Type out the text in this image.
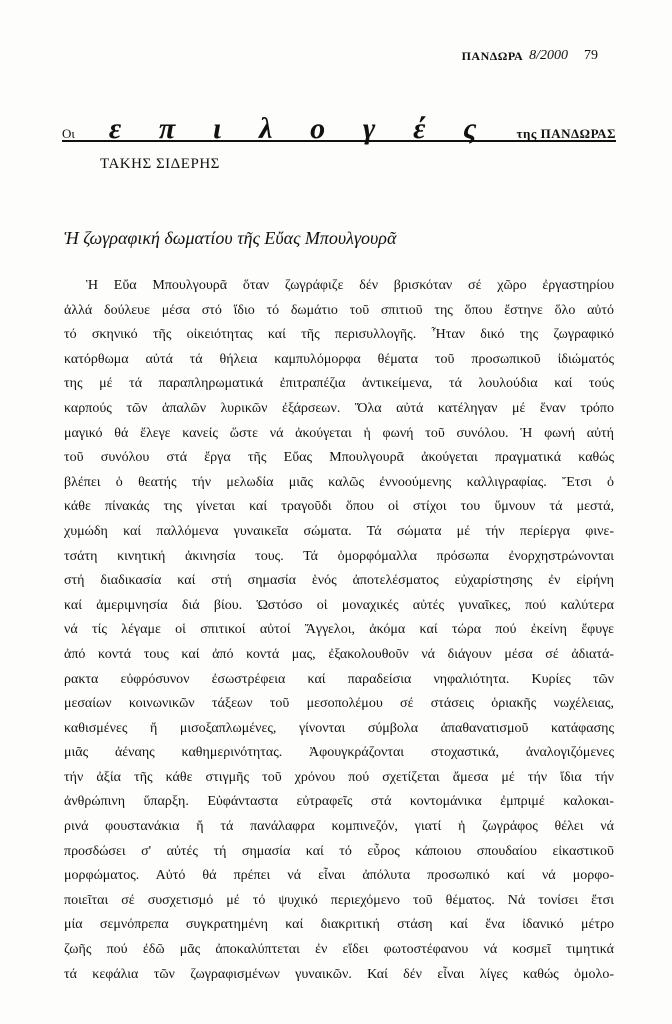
ΠΑΝΔΩΡΑ 8/2000 79
Οι ε π ι λ ο γ έ ς	της ΠΑΝΔΩΡΑΣ
ΤΑΚΗΣ ΣΙΔΕΡΗΣ
Ἡ ζωγραφική δωματίου τῆς Εὔας Μπουλγουρᾶ
Ἡ Εὔα Μπουλγουρᾶ ὅταν ζωγράφιζε δέν βρισκόταν σέ χῶρο ἐργαστηρίου
ἀλλά δούλευε μέσα στό ἴδιο τό δωμάτιο τοῦ σπιτιοῦ της ὅπου ἔστηνε ὅλο αὐτό
τό σκηνικό τῆς οἰκειότητας καί τῆς περισυλλογῆς. Ἦταν δικό της ζωγραφικό
κατόρθωμα αὐτά τά θήλεια καμπυλόμορφα θέματα τοῦ προσωπικοῦ ἰδιώματός
της μέ τά παραπληρωματικά ἐπιτραπέζια ἀντικείμενα, τά λουλούδια καί τούς
καρπούς τῶν ἁπαλῶν λυρικῶν ἐξάρσεων. Ὅλα αὐτά κατέληγαν μέ ἕναν τρόπο
μαγικό θά ἔλεγε κανείς ὥστε νά ἀκούγεται ἡ φωνή τοῦ συνόλου. Ἡ φωνή αὐτή
τοῦ συνόλου στά ἔργα τῆς Εὔας Μπουλγουρᾶ ἀκούγεται πραγματικά καθώς
βλέπει ὁ θεατής τήν μελωδία μιᾶς καλῶς ἐννοούμενης καλλιγραφίας. Ἔτσι ὁ
κάθε πίνακάς της γίνεται καί τραγοῦδι ὅπου οἱ στίχοι του ὕμνουν τά μεστά,
χυμώδη καί παλλόμενα γυναικεῖα σώματα. Τά σώματα μέ τήν περίεργα φινε-
τσάτη κινητική ἀκινησία τους. Τά ὁμορφόμαλλα πρόσωπα ἐνορχηστρώνονται
στή διαδικασία καί στή σημασία ἑνός ἀποτελέσματος εὐχαρίστησης ἐν εἰρήνη
καί ἀμεριμνησία διά βίου. Ὡστόσο οἱ μοναχικές αὐτές γυναῖκες, πού καλύτερα
νά τίς λέγαμε οἱ σπιτικοί αὐτοί Ἄγγελοι, ἀκόμα καί τώρα πού ἐκείνη ἔφυγε
ἀπό κοντά τους καί ἀπό κοντά μας, ἐξακολουθοῦν νά διάγουν μέσα σέ ἀδιατά-
ρακτα εὐφρόσυνον ἐσωστρέφεια καί παραδείσια νηφαλιότητα. Κυρίες τῶν
μεσαίων κοινωνικῶν τάξεων τοῦ μεσοπολέμου σέ στάσεις ὁριακῆς νωχέλειας,
καθισμένες ἤ μισοξαπλωμένες, γίνονται σύμβολα ἀπαθανατισμοῦ κατάφασης
μιᾶς ἀέναης καθημερινότητας. Ἀφουγκράζονται στοχαστικά, ἀναλογιζόμενες
τήν ἀξία τῆς κάθε στιγμῆς τοῦ χρόνου πού σχετίζεται ἄμεσα μέ τήν ἴδια τήν
ἀνθρώπινη ὕπαρξη. Εὐφάνταστα εὐτραφεῖς στά κοντομάνικα ἐμπριμέ καλοκαι-
ρινά φουστανάκια ἤ τά πανάλαφρα κομπινεζόν, γιατί ἡ ζωγράφος θέλει νά
προσδώσει σ' αὐτές τή σημασία καί τό εὖρος κάποιου σπουδαίου εἰκαστικοῦ
μορφώματος. Αὐτό θά πρέπει νά εἶναι ἀπόλυτα προσωπικό καί νά μορφο-
ποιεῖται σέ συσχετισμό μέ τό ψυχικό περιεχόμενο τοῦ θέματος. Νά τονίσει ἔτσι
μία σεμνόπρεπα συγκρατημένη καί διακριτική στάση καί ἕνα ἰδανικό μέτρο
ζωῆς πού ἐδῶ μᾶς ἀποκαλύπτεται ἐν εἴδει φωτοστέφανου νά κοσμεῖ τιμητικά
τά κεφάλια τῶν ζωγραφισμένων γυναικῶν. Καί δέν εἶναι λίγες καθώς ὁμολο-
